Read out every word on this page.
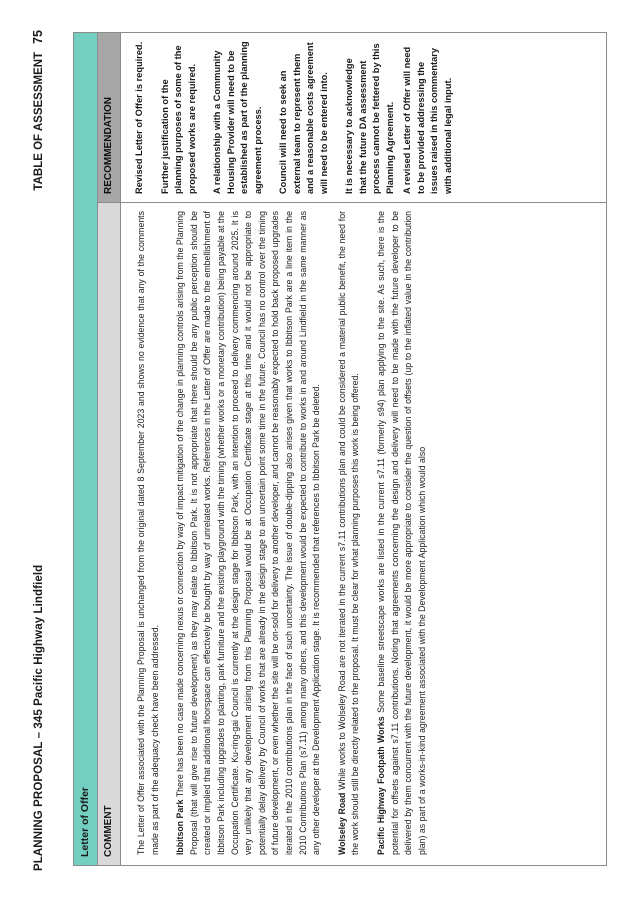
PLANNING PROPOSAL – 345 Pacific Highway Lindfield
TABLE OF ASSESSMENT75
Letter of Offer	COMMENT
RECOMMENDATION

The Letter of Offer associated with the Planning Proposal is unchanged from the original dated 8 September 2023 and shows no evidence that any of the comments made as part of the adequacy check have been addressed. Ibbitson Park There has been no case made concerning nexus or connection by way of impact mitigation of the change in planning controls arising from the Planning Proposal (that will give rise to future development) as they may relate to Ibbitson Park. It is not appropriate that there should be any public perception should be created or implied that additional floorspace can effectively be bought by way of unrelated works. References in the Letter of Offer are made to the embellishment of Ibbitson Park including upgrades to planting, park furniture and the existing playground with the timing (whether works or a monetary contribution) being payable at the Occupation Certificate. Ku-ring-gai Council is currently at the design stage for Ibbitson Park, with an intention to proceed to delivery commencing around 2025. It is very unlikely that any development arising from this Planning Proposal would be at Occupation Certificate stage at this time and it would not be appropriate to potentially delay delivery by Council of works that are already in the design stage to an uncertain point some time in the future. Council has no control over the timing of future development, or even whether the site will be on-sold for delivery to another developer, and cannot be reasonably expected to hold back proposed upgrades iterated in the 2010 contributions plan in the face of such uncertainty. The issue of double-dipping also arises given that works to Ibbitson Park are a line item in the 2010 Contributions Plan (s7.11) among many others, and this development would be expected to contribute to works in and around Lindfield in the same manner as any other developer at the Development Application stage. It is recommended that references to Ibbitson Park be deleted. Wolseley Road While works to Wolseley Road are not iterated in the current s7.11 contributions plan and could be considered a material public benefit, the need for the work should still be directly related to the proposal. It must be clear for what planning purposes this work is being offered. Pacific Highway Footpath Works Some baseline streetscape works are listed in the current s7.11 (formerly s94) plan applying to the site. As such, there is the potential for offsets against s7.11 contributions. Noting that agreements concerning the design and delivery will need to be made with the future developer to be delivered by them concurrent with the future development, it would be more appropriate to consider the question of offsets (up to the inflated value in the contribution plan) as part of a works-in-kind agreement associated with the Development Application which would also

Revised Letter of Offer is required. Further justification of the planning purposes of some of the proposed works are required. A relationship with a Community Housing Provider will need to be established as part of the planning agreement process. Council will need to seek an external team to represent them and a reasonable costs agreement will need to be entered into. It is necessary to acknowledge that the future DA assessment process cannot be fettered by this Planning Agreement. A revised Letter of Offer will need to be provided addressing the issues raised in this commentary with additional legal input.
